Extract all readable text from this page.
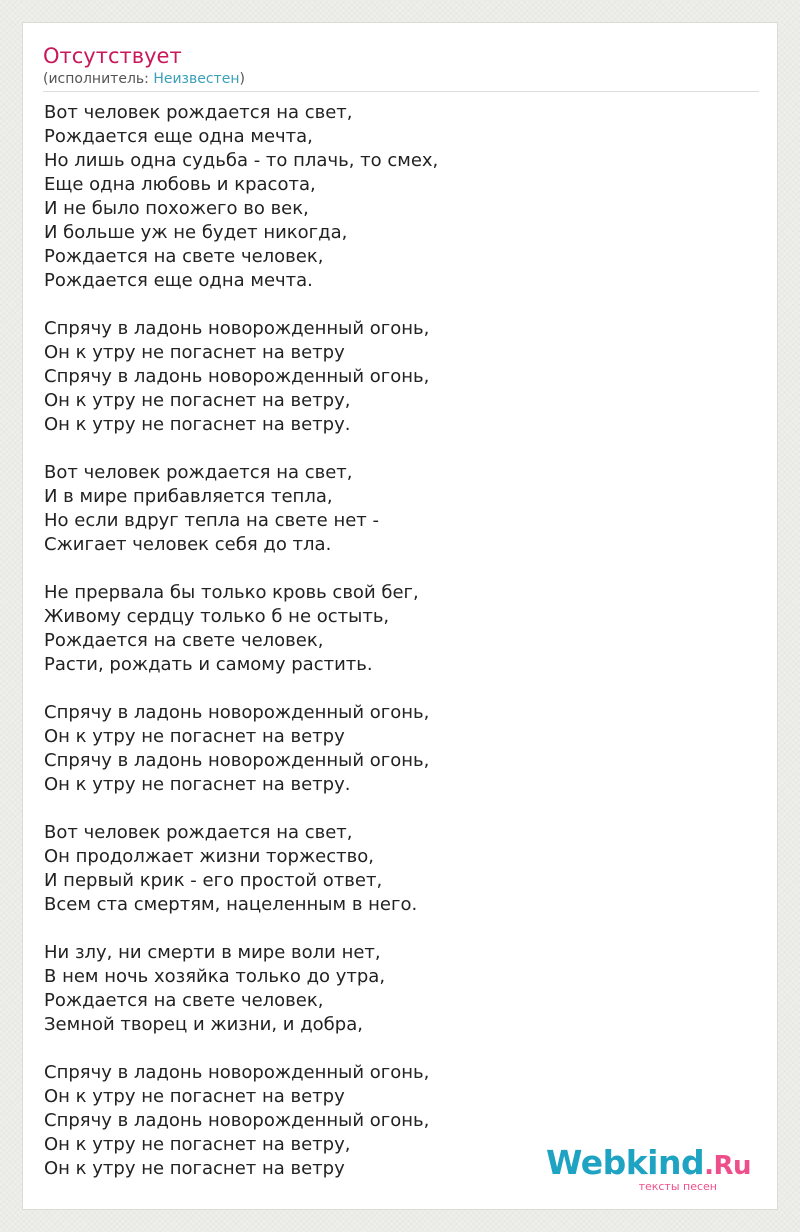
Отсутствует
(исполнитель: Неизвестен)
Вот человек рождается на свет,
Рождается еще одна мечта,
Но лишь одна судьба - то плачь, то смех,
Еще одна любовь и красота,
И не было похожего во век,
И больше уж не будет никогда,
Рождается на свете человек,
Рождается еще одна мечта.
Спрячу в ладонь новорожденный огонь,
Он к утру не погаснет на ветру
Спрячу в ладонь новорожденный огонь,
Он к утру не погаснет на ветру,
Он к утру не погаснет на ветру.
Вот человек рождается на свет,
И в мире прибавляется тепла,
Но если вдруг тепла на свете нет -
Сжигает человек себя до тла.
Не прервала бы только кровь свой бег,
Живому сердцу только б не остыть,
Рождается на свете человек,
Расти, рождать и самому растить.
Спрячу в ладонь новорожденный огонь,
Он к утру не погаснет на ветру
Спрячу в ладонь новорожденный огонь,
Он к утру не погаснет на ветру.
Вот человек рождается на свет,
Он продолжает жизни торжество,
И первый крик - его простой ответ,
Всем ста смертям, нацеленным в него.
Ни злу, ни смерти в мире воли нет,
В нем ночь хозяйка только до утра,
Рождается на свете человек,
Земной творец и жизни, и добра,
Спрячу в ладонь новорожденный огонь,
Он к утру не погаснет на ветру
Спрячу в ладонь новорожденный огонь,
Он к утру не погаснет на ветру,
Он к утру не погаснет на ветру	Webkind.Ru
тексты песен
